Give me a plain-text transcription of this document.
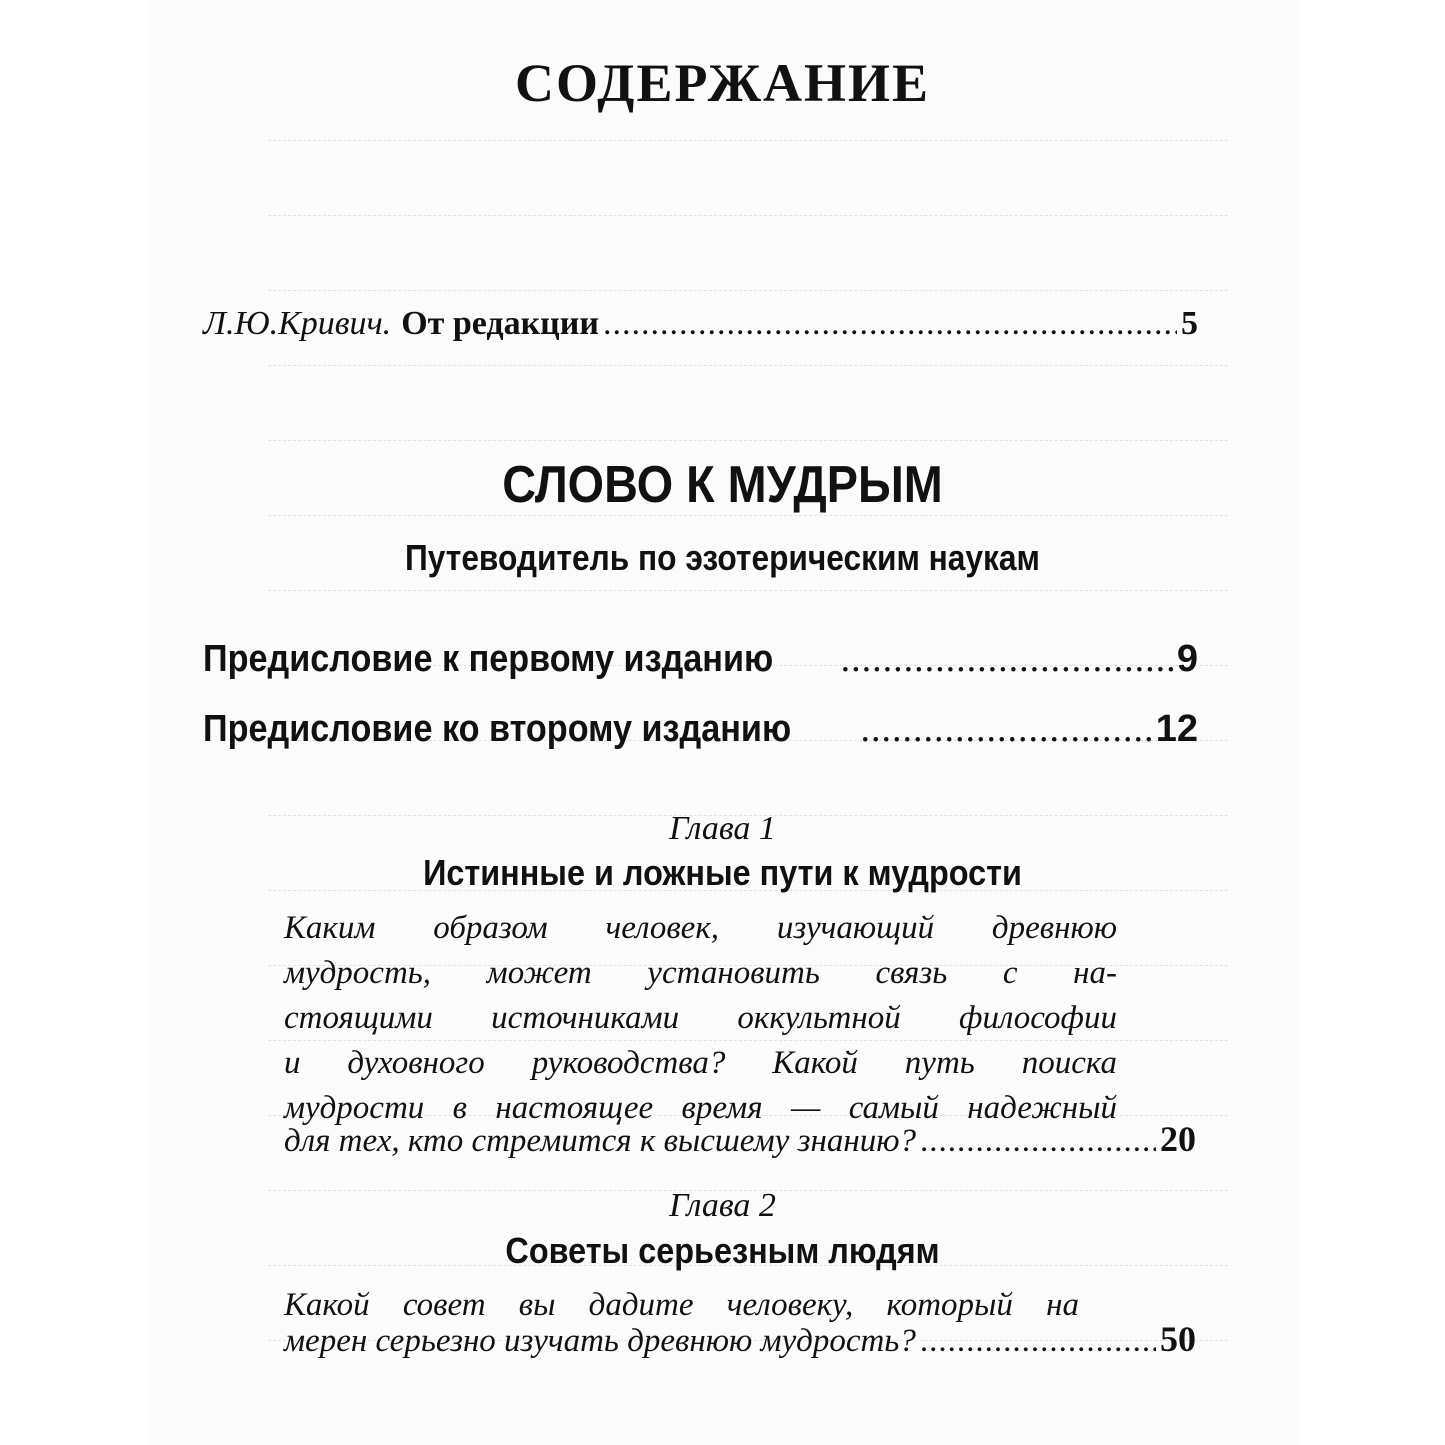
СОДЕРЖАНИЕ
Л.Ю.Кривич. От редакции .....	5
СЛОВО К МУДРЫМ
Путеводитель по эзотерическим наукам
Предисловие к первому изданию .....	9
Предисловие ко второму изданию .....	12
Глава 1
Истинные и ложные пути к мудрости
Каким образом человек, изучающий древнюю
мудрость, может установить связь с на-
стоящими источниками оккультной философии
и духовного руководства? Какой путь поиска
мудрости в настоящее время — самый надежный
для тех, кто стремится к высшему знанию? .....	20
Глава 2
Советы серьезным людям
Какой совет вы дадите человеку, который на
мерен серьезно изучать древнюю мудрость? .....	50
